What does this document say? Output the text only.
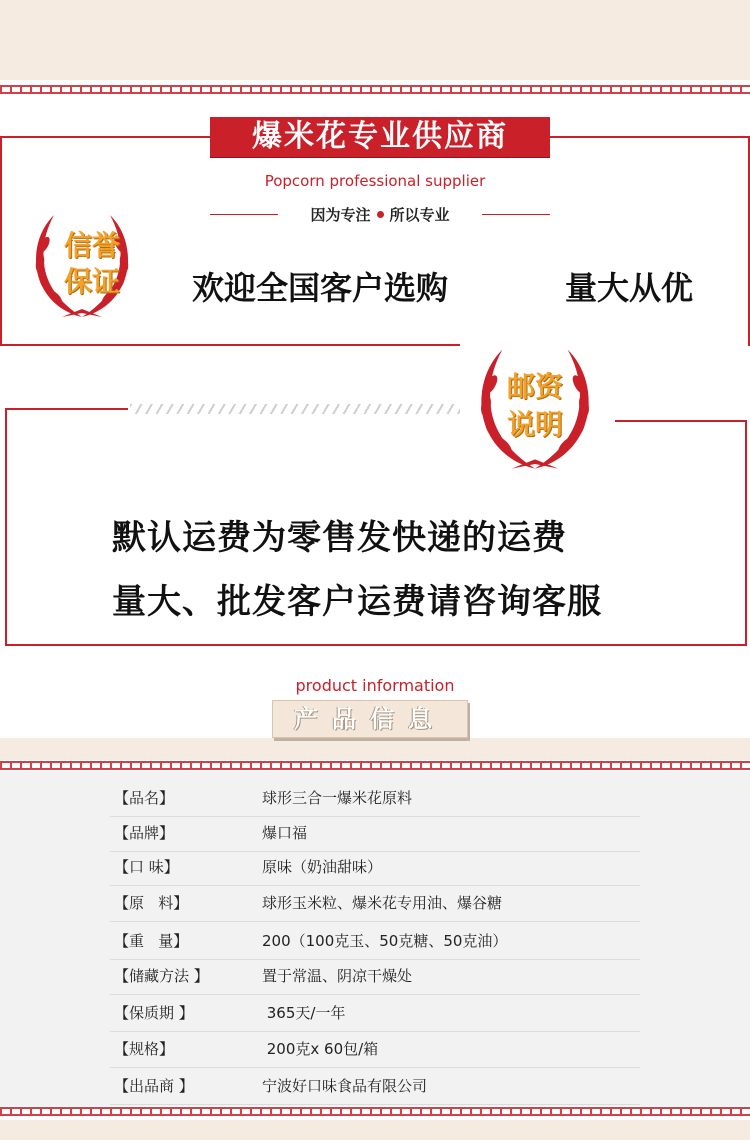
爆米花专业供应商
Popcorn professional supplier
因为专注 所以专业
信誉
保证	欢迎全国客户选购	量大从优
邮资
说明
默认运费为零售发快递的运费
量大、批发客户运费请咨询客服
product information
产品信息
【品名】	球形三合一爆米花原料
【品牌】	爆口福
【口 味】	原味（奶油甜味）
【原   料】	球形玉米粒、爆米花专用油、爆谷糖
【重   量】	200（100克玉、50克糖、50克油）
【储藏方法 】	置于常温、阴凉干燥处
【保质期 】	365天/一年
【规格】	200克x 60包/箱
【出品商 】	宁波好口味食品有限公司
